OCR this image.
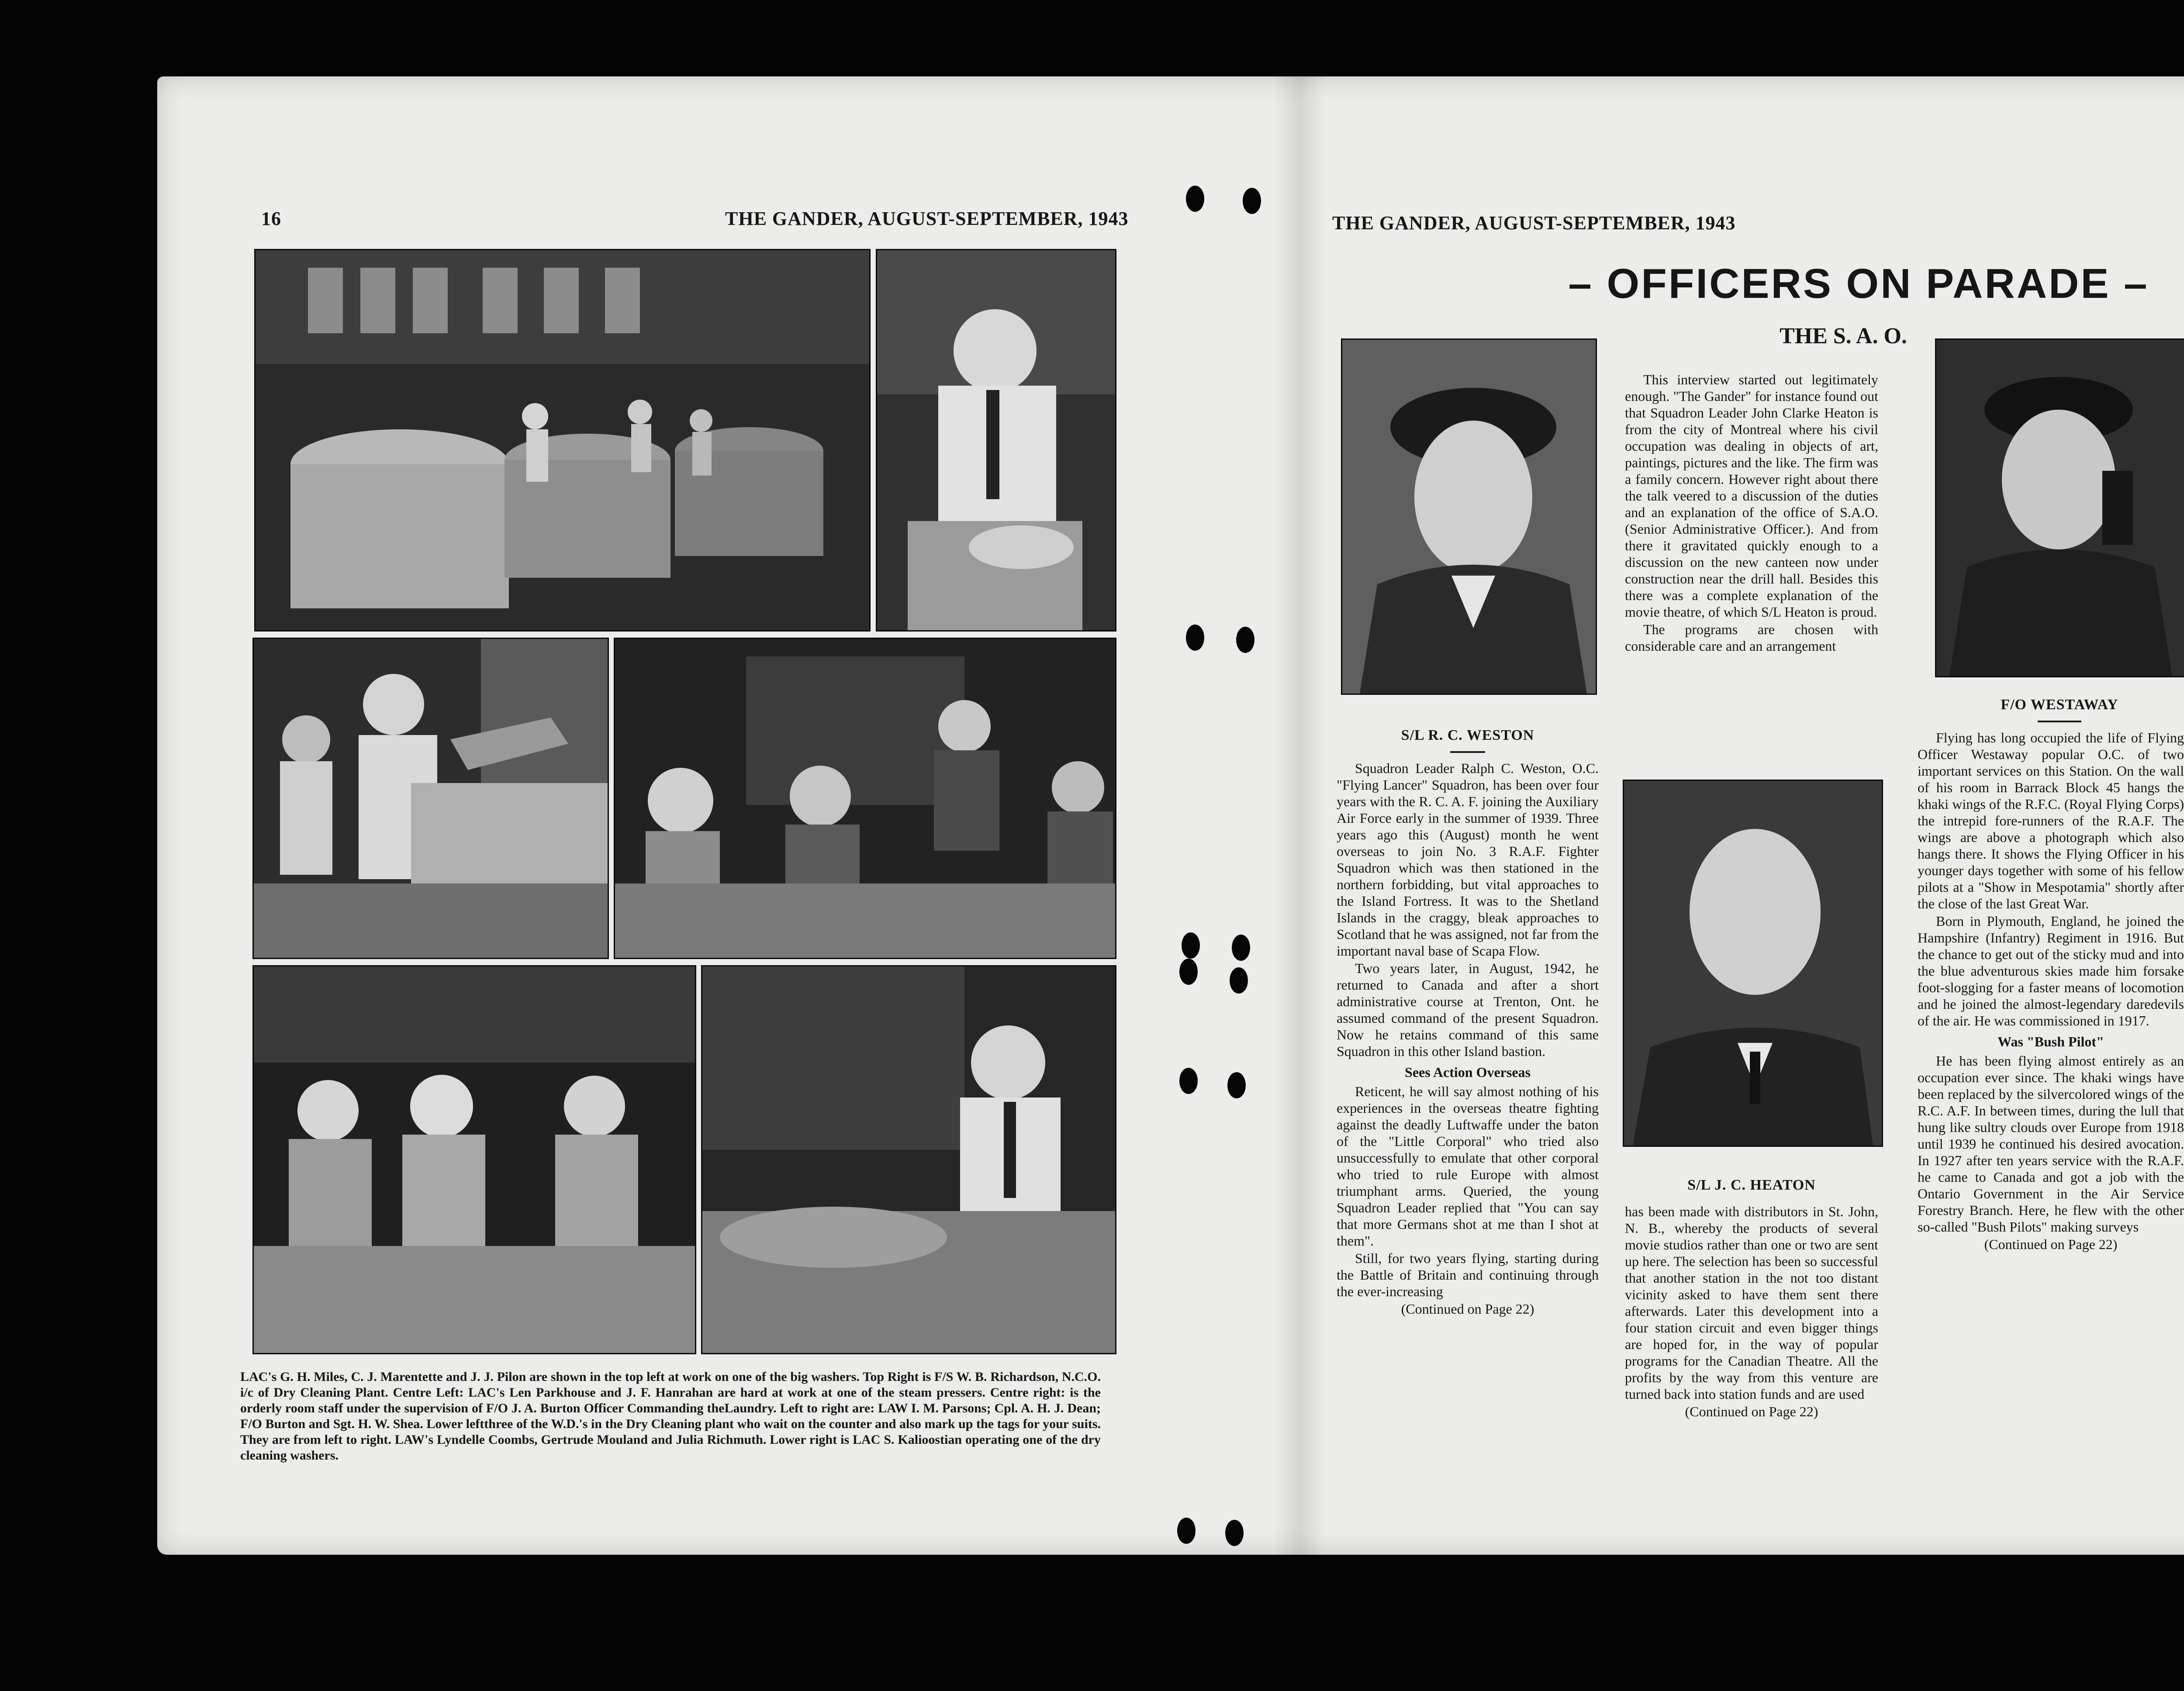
16	THE GANDER, AUGUST-SEPTEMBER, 1943	THE GANDER, AUGUST-SEPTEMBER, 1943
LAC's G. H. Miles, C. J. Marentette and J. J. Pilon are shown in the top left at work on one of the big washers. Top Right is F/S W. B. Richardson, N.C.O. i/c of Dry Cleaning Plant. Centre Left: LAC's Len Parkhouse and J. F. Hanrahan are hard at work at one of the steam pressers. Centre right: is the orderly room staff under the supervision of F/O J. A. Burton Officer Commanding theLaundry. Left to right are: LAW I. M. Parsons; Cpl. A. H. J. Dean; F/O Burton and Sgt. H. W. Shea. Lower leftthree of the W.D.'s in the Dry Cleaning plant who wait on the counter and also mark up the tags for your suits. They are from left to right. LAW's Lyndelle Coombs, Gertrude Mouland and Julia Richmuth. Lower right is LAC S. Kalioostian operating one of the dry cleaning washers.
– OFFICERS ON PARADE –
THE S. A. O.
S/L R. C. WESTON
S/L J. C. HEATON
F/O WESTAWAY

Squadron Leader Ralph C. Weston, O.C. "Flying Lancer" Squadron, has been over four years with the R. C. A. F. joining the Auxiliary Air Force early in the summer of 1939. Three years ago this (August) month he went overseas to join No. 3 R.A.F. Fighter Squadron which was then stationed in the northern forbidding, but vital approaches to the Island Fortress. It was to the Shetland Islands in the craggy, bleak approaches to Scotland that he was assigned, not far from the important naval base of Scapa Flow.

Two years later, in August, 1942, he returned to Canada and after a short administrative course at Trenton, Ont. he assumed command of the present Squadron. Now he retains command of this same Squadron in this other Island bastion.

Sees Action Overseas

Reticent, he will say almost nothing of his experiences in the overseas theatre fighting against the deadly Luftwaffe under the baton of the "Little Corporal" who tried also unsuccessfully to emulate that other corporal who tried to rule Europe with almost triumphant arms. Queried, the young Squadron Leader replied that "You can say that more Germans shot at me than I shot at them".

Still, for two years flying, starting during the Battle of Britain and continuing through the ever-increasing

(Continued on Page 22)

This interview started out legitimately enough. "The Gander" for instance found out that Squadron Leader John Clarke Heaton is from the city of Montreal where his civil occupation was dealing in objects of art, paintings, pictures and the like. The firm was a family concern. However right about there the talk veered to a discussion of the duties and an explanation of the office of S.A.O. (Senior Administrative Officer.). And from there it gravitated quickly enough to a discussion on the new canteen now under construction near the drill hall. Besides this there was a complete explanation of the movie theatre, of which S/L Heaton is proud.

The programs are chosen with considerable care and an arrangement

has been made with distributors in St. John, N. B., whereby the products of several movie studios rather than one or two are sent up here. The selection has been so successful that another station in the not too distant vicinity asked to have them sent there afterwards. Later this development into a four station circuit and even bigger things are hoped for, in the way of popular programs for the Canadian Theatre. All the profits by the way from this venture are turned back into station funds and are used

(Continued on Page 22)

Flying has long occupied the life of Flying Officer Westaway popular O.C. of two important services on this Station. On the wall of his room in Barrack Block 45 hangs the khaki wings of the R.F.C. (Royal Flying Corps) the intrepid fore-runners of the R.A.F. The wings are above a photograph which also hangs there. It shows the Flying Officer in his younger days together with some of his fellow pilots at a "Show in Mespotamia" shortly after the close of the last Great War.

Born in Plymouth, England, he joined the Hampshire (Infantry) Regiment in 1916. But the chance to get out of the sticky mud and into the blue adventurous skies made him forsake foot-slogging for a faster means of locomotion and he joined the almost-legendary daredevils of the air. He was commissioned in 1917.

Was "Bush Pilot"

He has been flying almost entirely as an occupation ever since. The khaki wings have been replaced by the silvercolored wings of the R.C. A.F. In between times, during the lull that hung like sultry clouds over Europe from 1918 until 1939 he continued his desired avocation. In 1927 after ten years service with the R.A.F. he came to Canada and got a job with the Ontario Government in the Air Service Forestry Branch. Here, he flew with the other so-called "Bush Pilots" making surveys

(Continued on Page 22)
